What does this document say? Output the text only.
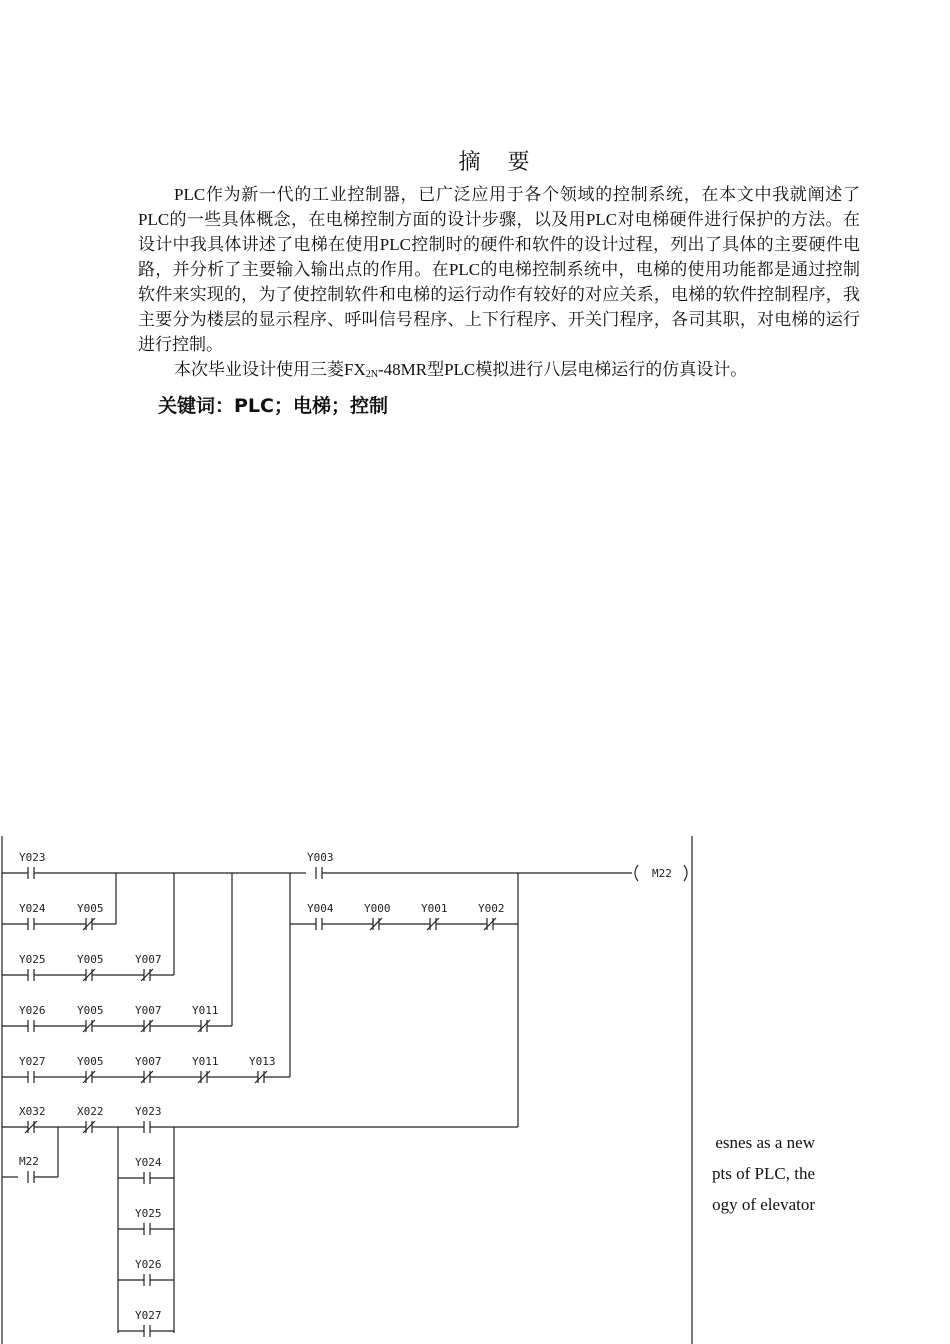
摘 要

PLC作为新一代的工业控制器，已广泛应用于各个领域的控制系统，在本文中我就阐述了PLC的一些具体概念，在电梯控制方面的设计步骤，以及用PLC对电梯硬件进行保护的方法。在设计中我具体讲述了电梯在使用PLC控制时的硬件和软件的设计过程，列出了具体的主要硬件电路，并分析了主要输入输出点的作用。在PLC的电梯控制系统中，电梯的使用功能都是通过控制软件来实现的，为了使控制软件和电梯的运行动作有较好的对应关系，电梯的软件控制程序，我主要分为楼层的显示程序、呼叫信号程序、上下行程序、开关门程序，各司其职，对电梯的运行进行控制。

本次毕业设计使用三菱$FX_{2N}-48MR$型PLC模拟进行八层电梯运行的仿真设计。

关键词：PLC；电梯；控制
esnes as a new
pts of PLC, the
ogy of elevator
Y023
Y024	Y005
Y025	Y005	Y007
Y026	Y005	Y007	Y011
Y027	Y005	Y007	Y011	Y013
X032	X022	Y023
Y003
Y004	Y000	Y001	Y002
M22
M22	Y024
Y025
Y026
Y027
